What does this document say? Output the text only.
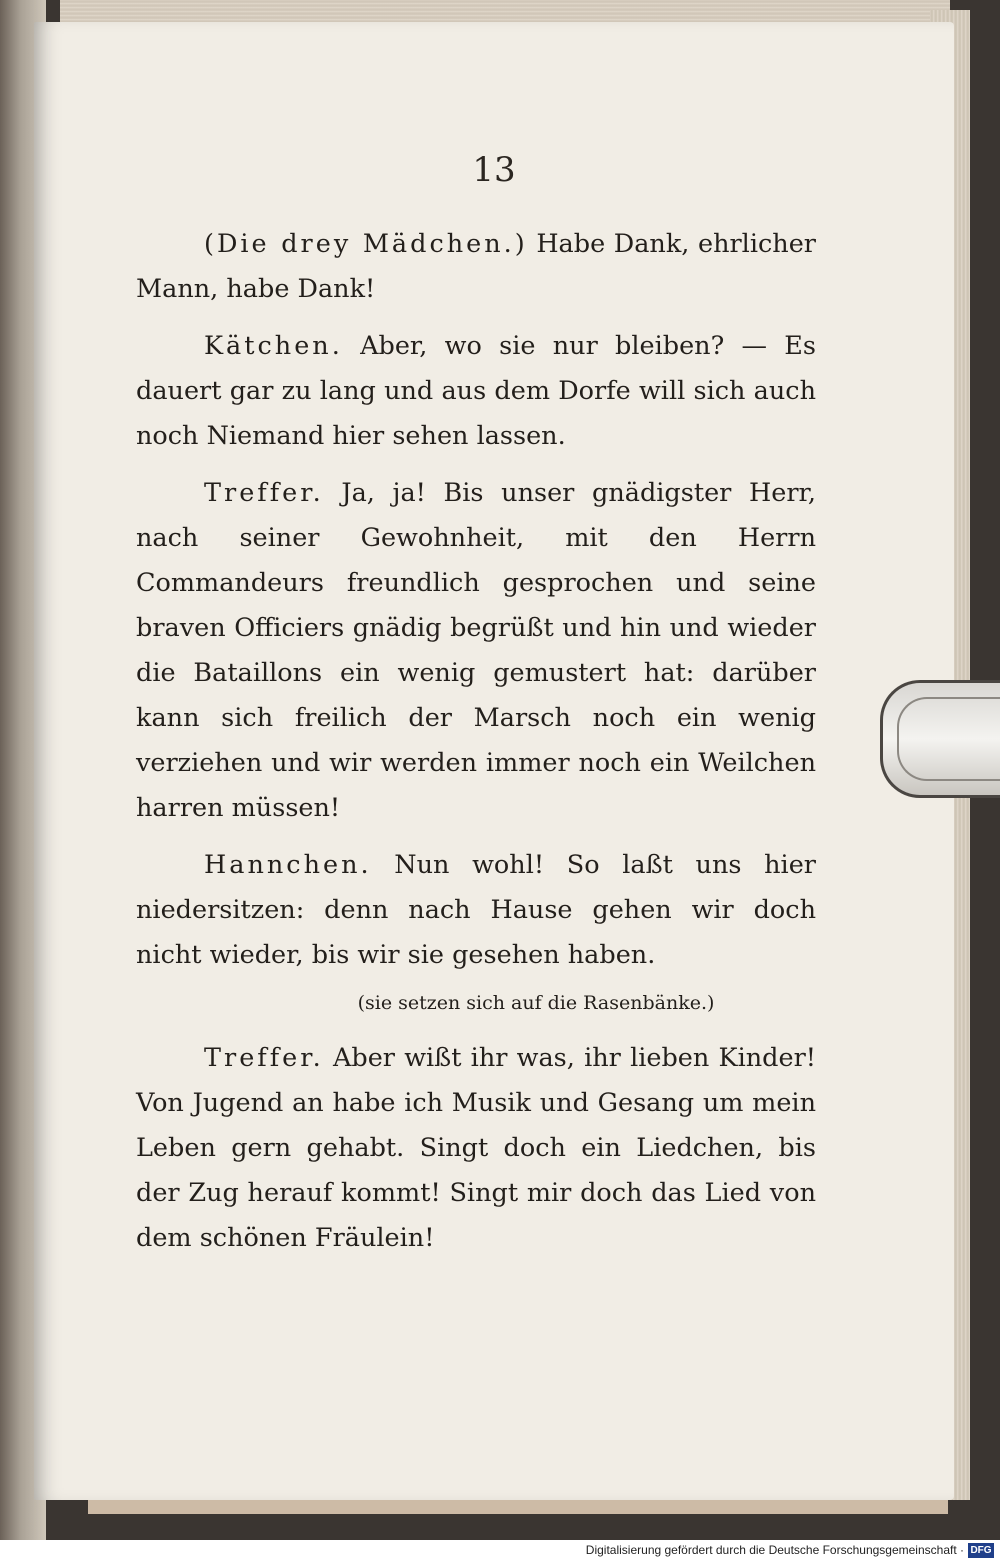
13

(Die drey Mädchen.) Habe Dank, ehrlicher Mann, habe Dank!

Kätchen. Aber, wo sie nur bleiben? — Es dauert gar zu lang und aus dem Dorfe will sich auch noch Niemand hier sehen lassen.

Treffer. Ja, ja! Bis unser gnädigster Herr, nach seiner Gewohnheit, mit den Herrn Commandeurs freundlich gesprochen und seine braven Officiers gnädig begrüßt und hin und wieder die Bataillons ein wenig gemustert hat: darüber kann sich freilich der Marsch noch ein wenig verziehen und wir werden immer noch ein Weilchen harren müssen!

Hannchen. Nun wohl! So laßt uns hier niedersitzen: denn nach Hause gehen wir doch nicht wieder, bis wir sie gesehen haben.

(sie setzen sich auf die Rasenbänke.)

Treffer. Aber wißt ihr was, ihr lieben Kinder! Von Jugend an habe ich Musik und Gesang um mein Leben gern gehabt. Singt doch ein Liedchen, bis der Zug herauf kommt! Singt mir doch das Lied von dem schönen Fräulein!

Digitalisierung gefördert durch die Deutsche Forschungsgemeinschaft · DFG
